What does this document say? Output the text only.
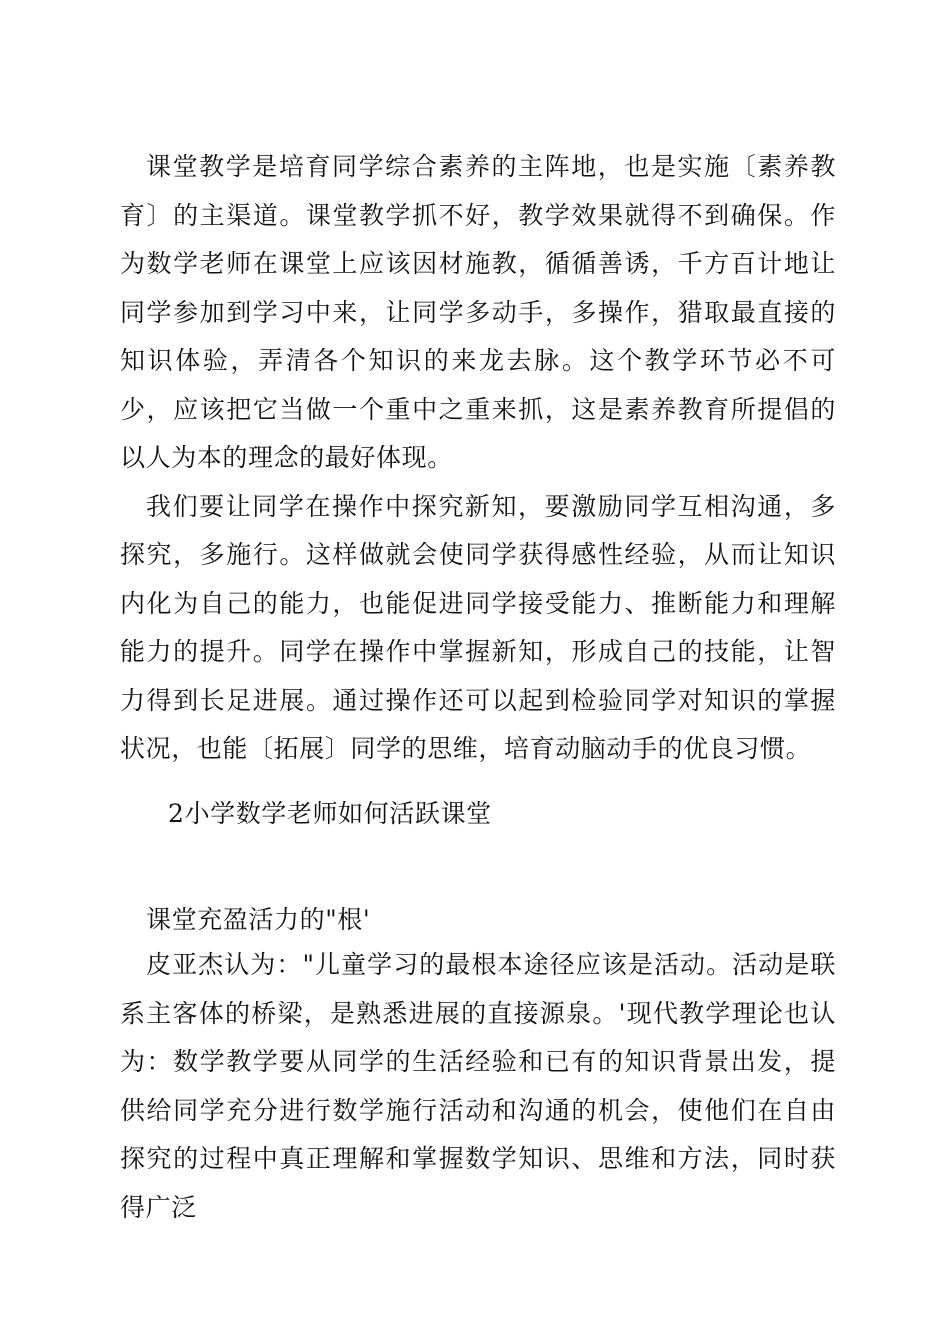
课堂教学是培育同学综合素养的主阵地，也是实施〔素养教育〕的主渠道。课堂教学抓不好，教学效果就得不到确保。作为数学老师在课堂上应该因材施教，循循善诱，千方百计地让同学参加到学习中来，让同学多动手，多操作，猎取最直接的知识体验，弄清各个知识的来龙去脉。这个教学环节必不可少，应该把它当做一个重中之重来抓，这是素养教育所提倡的以人为本的理念的最好体现。

我们要让同学在操作中探究新知，要激励同学互相沟通，多探究，多施行。这样做就会使同学获得感性经验，从而让知识内化为自己的能力，也能促进同学接受能力、推断能力和理解能力的提升。同学在操作中掌握新知，形成自己的技能，让智力得到长足进展。通过操作还可以起到检验同学对知识的掌握状况，也能〔拓展〕同学的思维，培育动脑动手的优良习惯。

2小学数学老师如何活跃课堂

课堂充盈活力的"根'

皮亚杰认为："儿童学习的最根本途径应该是活动。活动是联系主客体的桥梁，是熟悉进展的直接源泉。'现代教学理论也认为：数学教学要从同学的生活经验和已有的知识背景出发，提供给同学充分进行数学施行活动和沟通的机会，使他们在自由探究的过程中真正理解和掌握数学知识、思维和方法，同时获得广泛
